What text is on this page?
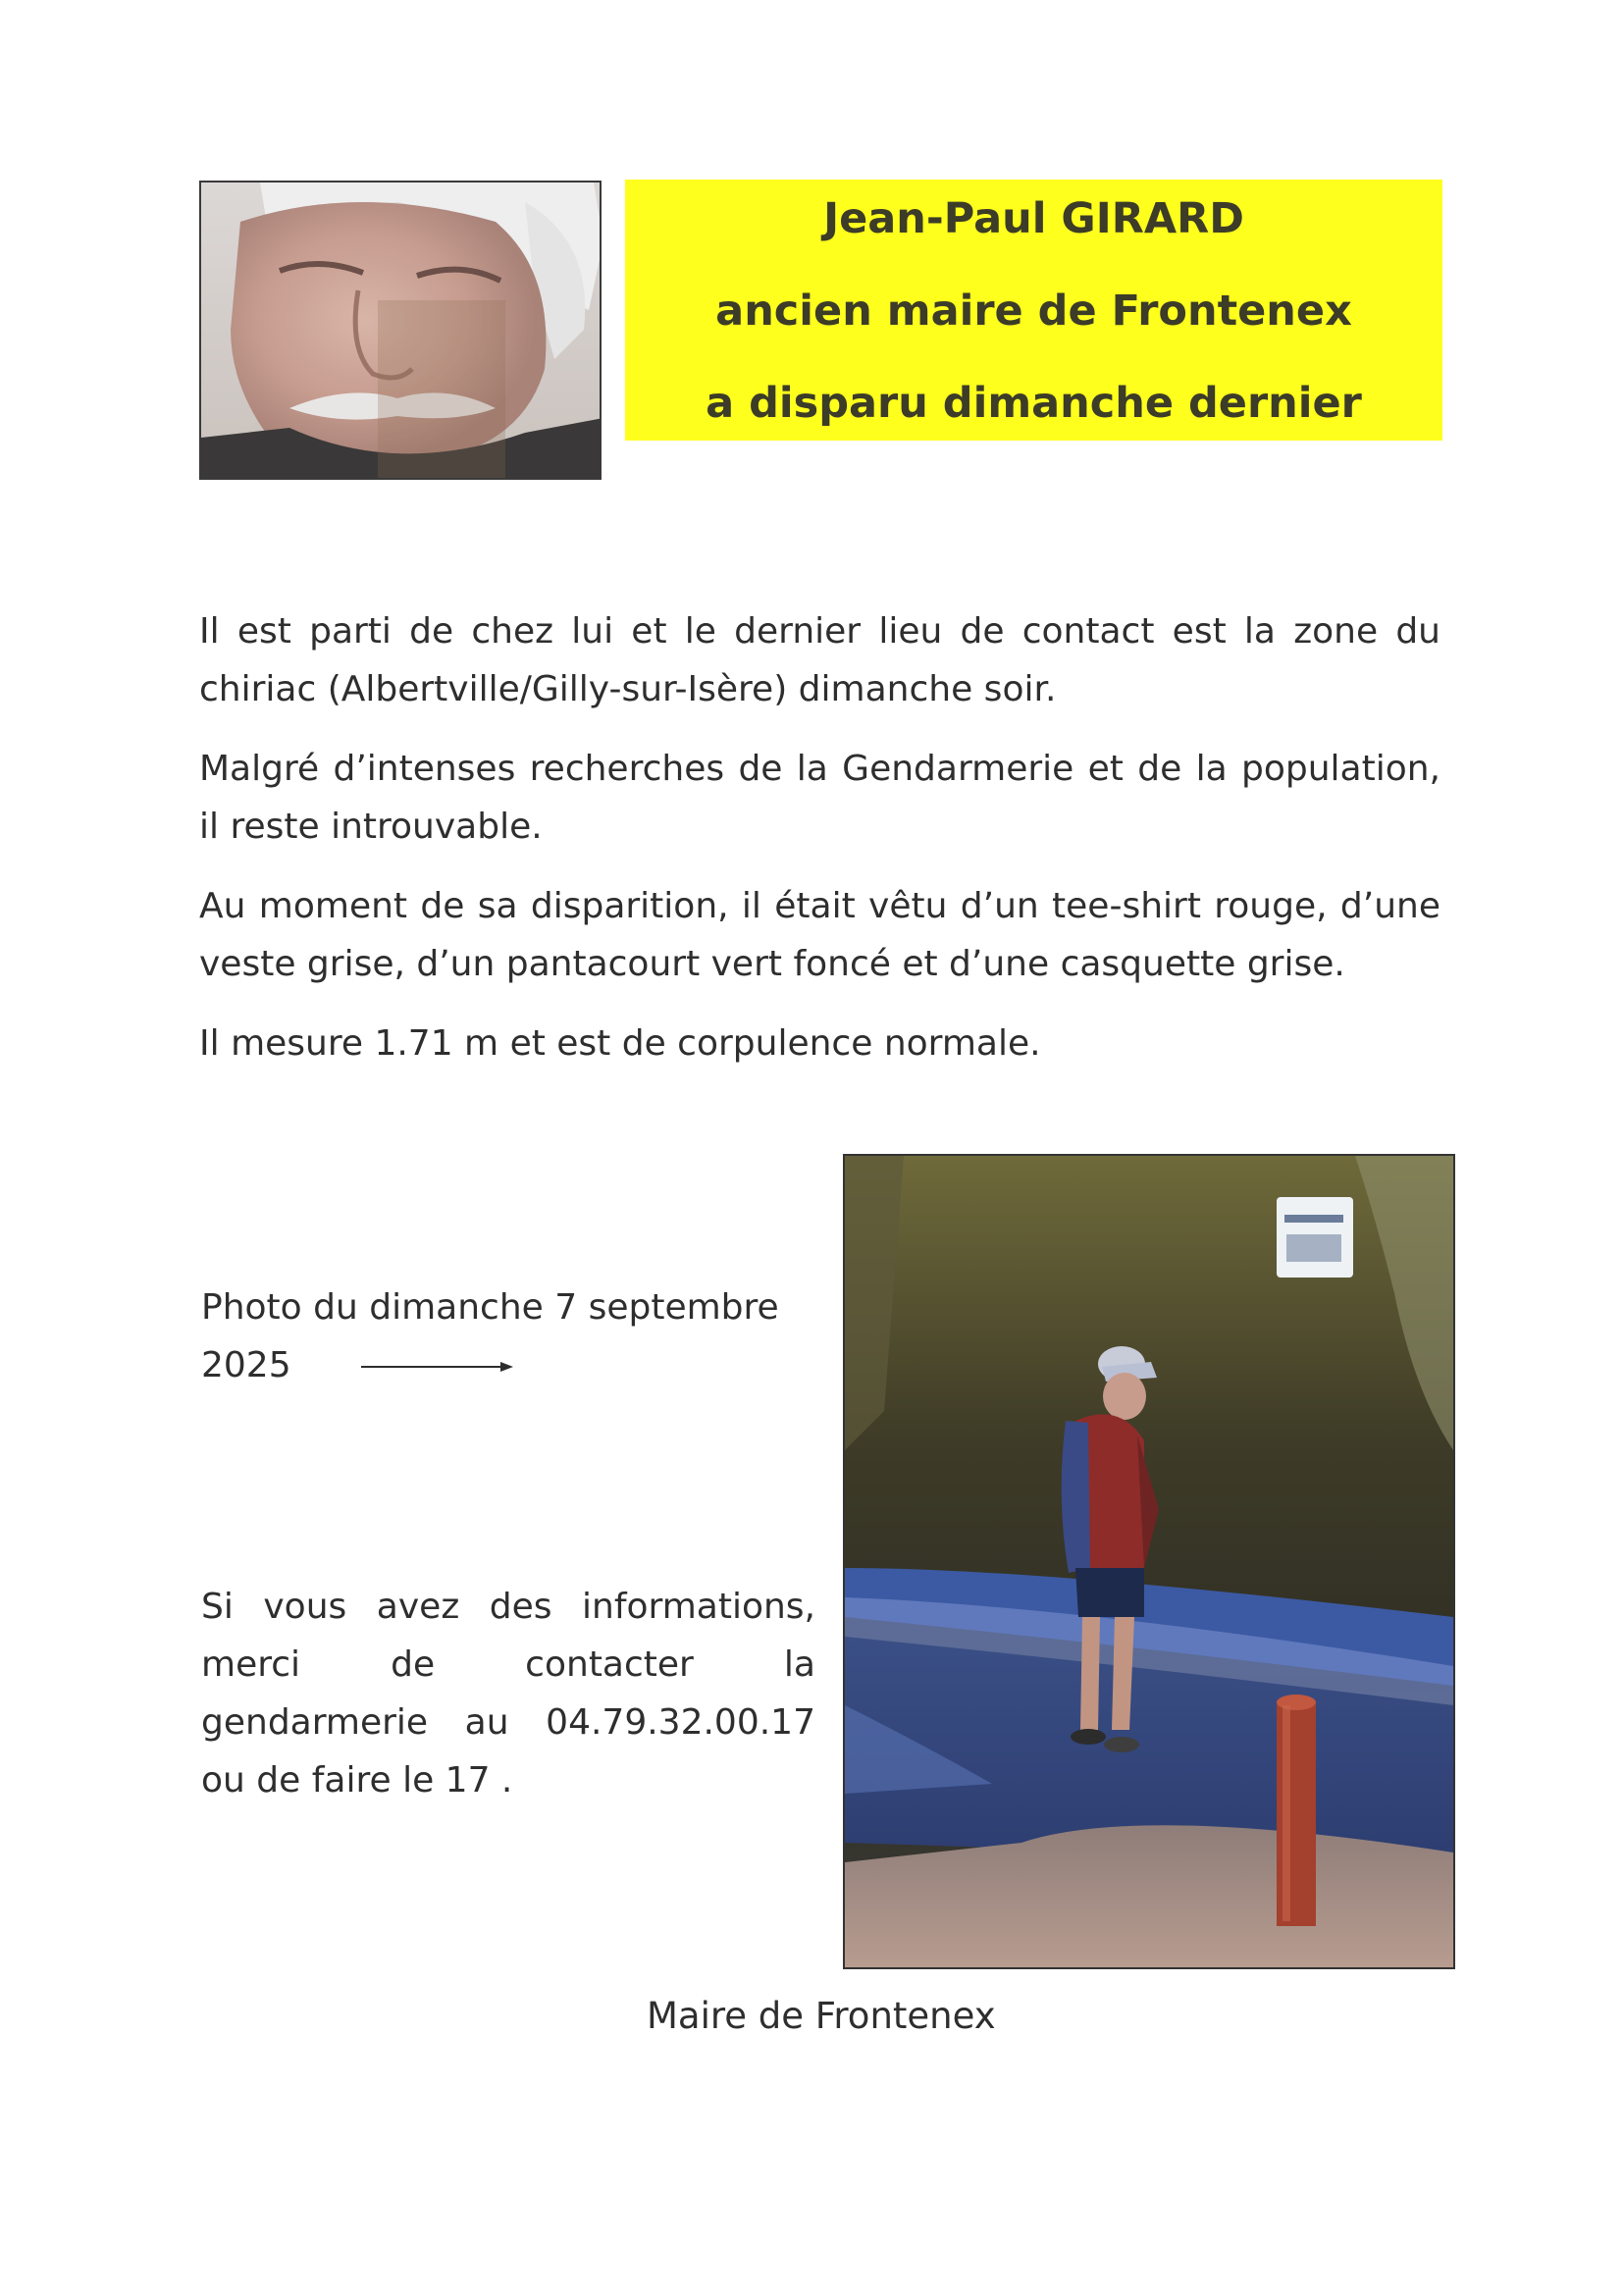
Jean-Paul GIRARD
ancien maire de Frontenex
a disparu dimanche dernier

Il est parti de chez lui et le dernier lieu de contact est la zone du chiriac (Albertville/Gilly-sur-Isère) dimanche soir.

Malgré d’intenses recherches de la Gendarmerie et de la population, il reste introuvable.

Au moment de sa disparition, il était vêtu d’un tee-shirt rouge, d’une veste grise, d’un pantacourt vert foncé et d’une casquette grise.

Il mesure 1.71 m et est de corpulence normale.

Photo du dimanche 7 septembre
2025
Si vous avez des informations, merci de contacter la gendarmerie au 04.79.32.00.17 ou de faire le 17 .
Maire de Frontenex
